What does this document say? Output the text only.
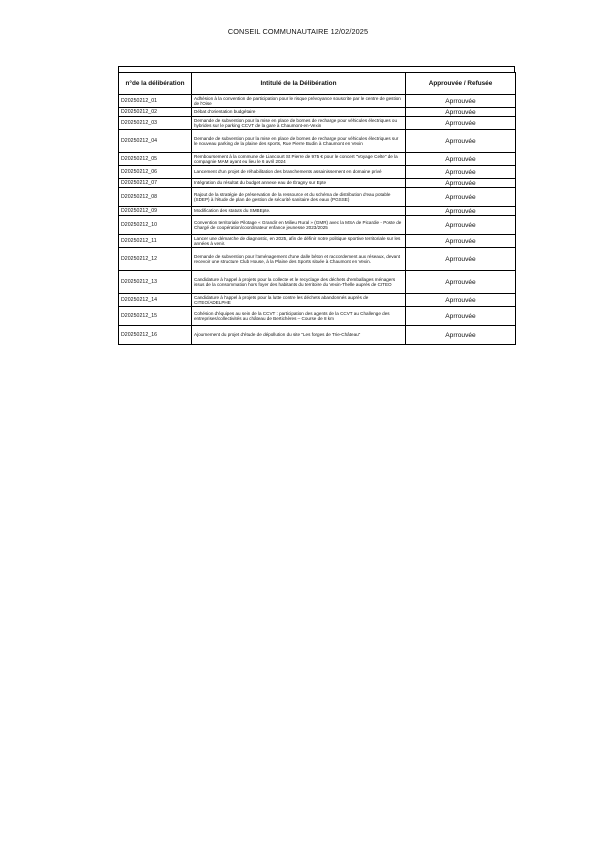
CONSEIL COMMUNAUTAIRE 12/02/2025
n°de la délibération	Intitulé de la Délibération	Approuvée / Refusée
D20250212_01	Adhésion à la convention de participation pour le risque prévoyance souscrite par le centre de gestion de l'Oise	Aprrouvée
D20250212_02	Débat d'orientation budgétaire	Aprrouvée
D20250212_03	Demande de subvention pour la mise en place de bornes de recharge pour véhicules électriques ou hybrides sur le parking CCVT de la gare à Chaumont-en-Vexin	Aprrouvée
D20250212_04	Demande de subvention pour la mise en place de bornes de recharge pour véhicules électriques sur le nouveau parking de la plaine des sports, Rue Pierre Budin à Chaumont en Vexin	Aprrouvée
D20250212_05	Remboursement à la commune de Liancourt St Pierre de 975 € pour le concert "Voyage Celte" de la compagnie MAM ayant eu lieu le 6 avril 2024	Aprrouvée
D20250212_06	Lancement d'un projet de réhabilitation des branchements assainissement en domaine privé	Aprrouvée
D20250212_07	Intégration du résultat du budget annexe eau de Éragny sur Epte	Aprrouvée
D20250212_08	Rajout de la stratégie de préservation de la ressource et du schéma de distribution d'eau potable (SDEP) à l'étude de plan de gestion de sécurité sanitaire des eaux (PGSSE)	Aprrouvée
D20250212_09	Modification des statuts du SMBEpte.	Aprrouvée
D20250212_10	Convention territoriale Pilotage « Grandir en Milieu Rural » (GMR) avec la MSA de Picardie - Poste de Chargé de coopération/coordinateur enfance jeunesse 2023/2025	Aprrouvée
D20250212_11	Lancer une démarche de diagnostic, en 2025, afin de définir notre politique sportive territoriale sur les années à venir.	Aprrouvée
D20250212_12	Demande de subvention pour l'aménagement d'une dalle béton et raccordement aux réseaux, devant recevoir une structure Club House, à la Plaine des Sports située à Chaumont en Vexin.	Aprrouvée
D20250212_13	Candidature à l'appel à projets pour la collecte et le recyclage des déchets d'emballages ménagers issus de la consommation hors foyer des habitants du territoire du Vexin-Thelle auprès de CITEO	Aprrouvée
D20250212_14	Candidature à l'appel à projets pour la lutte contre les déchets abandonnés auprès de CITEO/ADELPHE	Aprrouvée
D20250212_15	Cohésion d'équipes au sein de la CCVT : participation des agents de la CCVT au Challenge des entreprises/collectivités au château de Bertichères – Course de 8 km	Aprrouvée
D20250212_16	Ajournement du projet d'étude de dépollution du site "Les forges de Trie-Château"	Aprrouvée
